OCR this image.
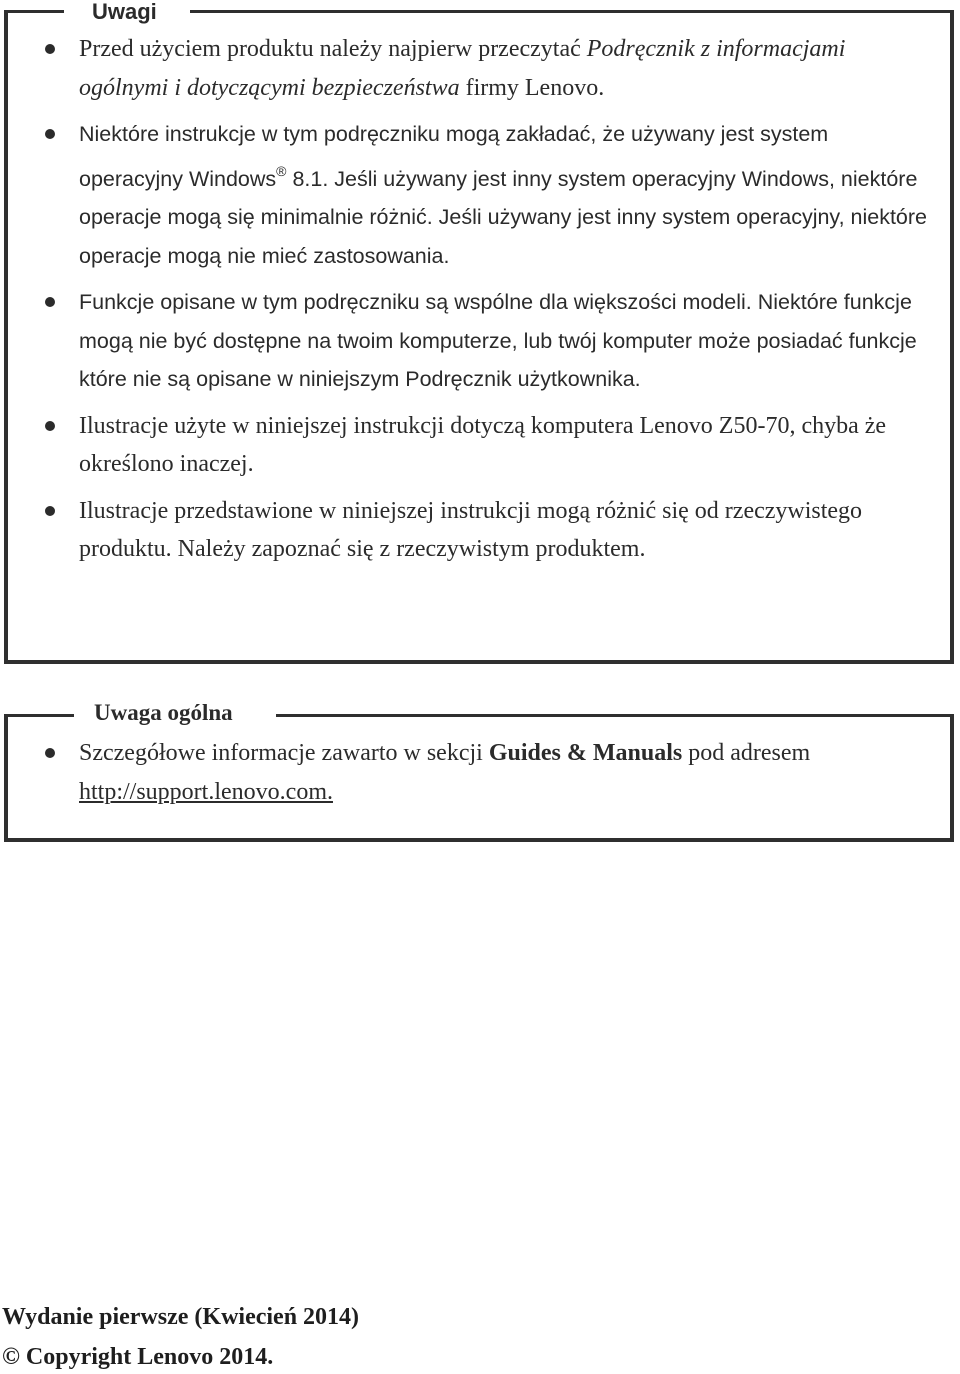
Uwagi
Przed użyciem produktu należy najpierw przeczytać Podręcznik z informacjami ogólnymi i dotyczącymi bezpieczeństwa firmy Lenovo.
Niektóre instrukcje w tym podręczniku mogą zakładać, że używany jest system operacyjny Windows® 8.1. Jeśli używany jest inny system operacyjny Windows, niektóre operacje mogą się minimalnie różnić. Jeśli używany jest inny system operacyjny, niektóre operacje mogą nie mieć zastosowania.
Funkcje opisane w tym podręczniku są wspólne dla większości modeli. Niektóre funkcje mogą nie być dostępne na twoim komputerze, lub twój komputer może posiadać funkcje które nie są opisane w niniejszym Podręcznik użytkownika.
Ilustracje użyte w niniejszej instrukcji dotyczą komputera Lenovo Z50-70, chyba że określono inaczej.
Ilustracje przedstawione w niniejszej instrukcji mogą różnić się od rzeczywistego produktu. Należy zapoznać się z rzeczywistym produktem.
Uwaga ogólna
Szczegółowe informacje zawarto w sekcji Guides & Manuals pod adresem
http://support.lenovo.com.
Wydanie pierwsze (Kwiecień 2014)
© Copyright Lenovo 2014.
